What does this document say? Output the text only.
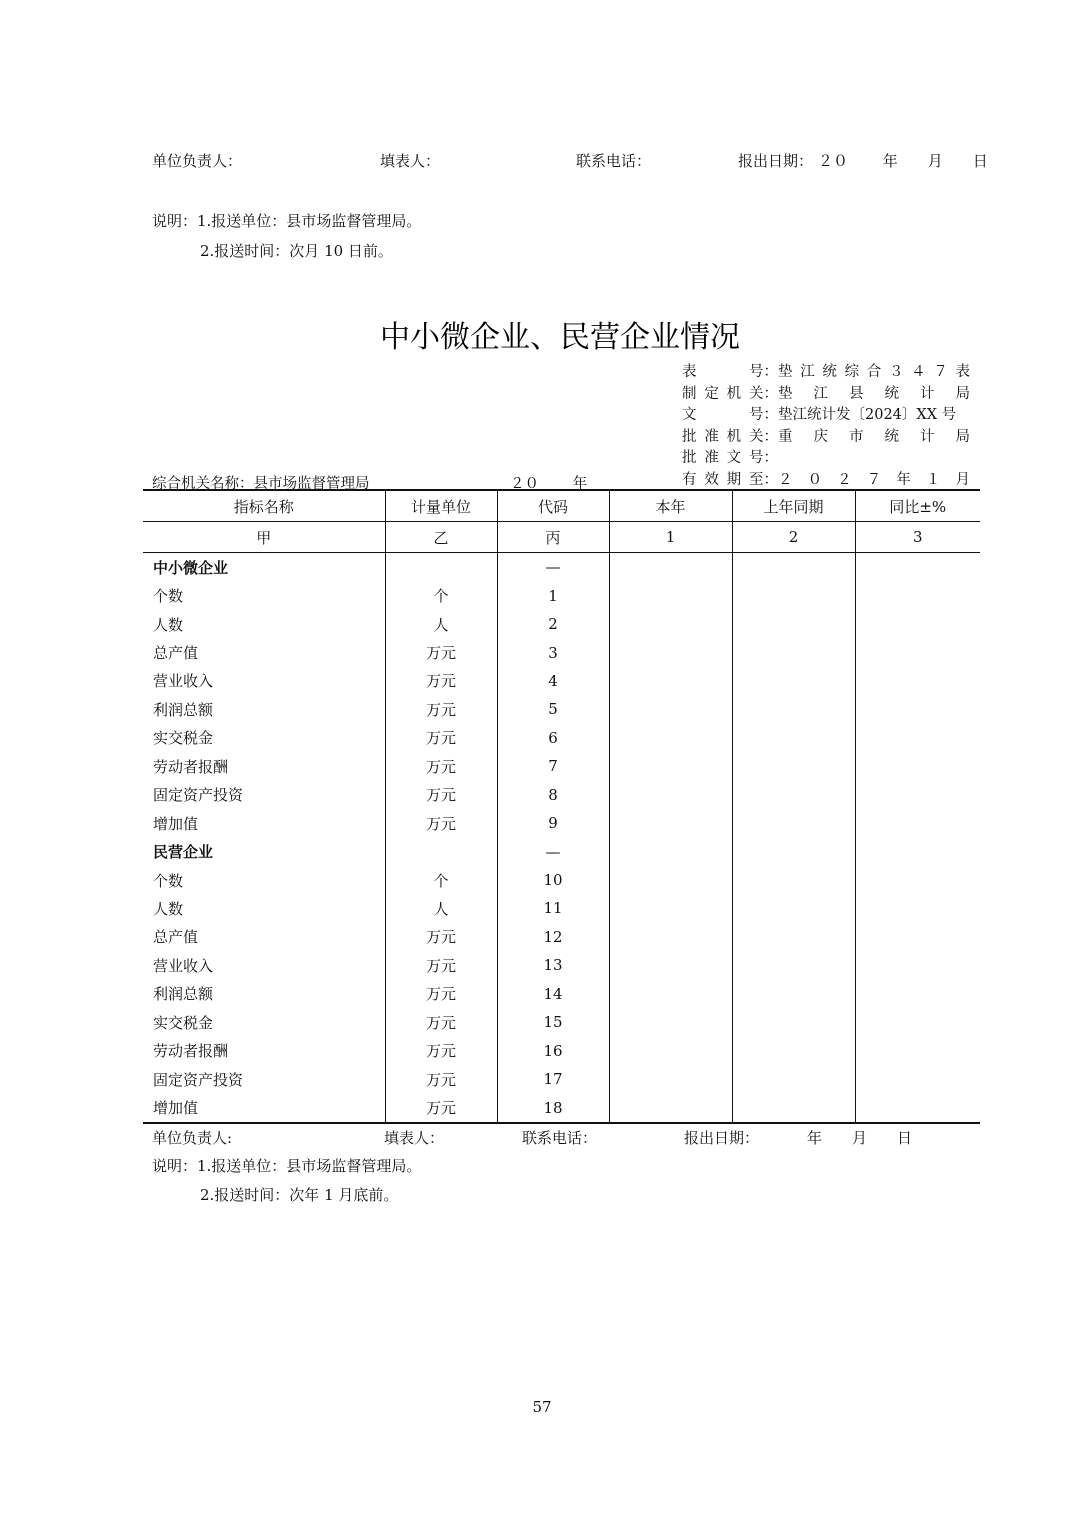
单位负责人：	填表人：	联系电话：	报出日期： ２０　　 年　　月　　日
说明：1.报送单位：县市场监督管理局。
2.报送时间：次月 10 日前。
中小微企业、民营企业情况
表	号： 垫 江 统 综 合 ３ ４ ７ 表
制 定 机 关： 垫 江 县 统 计 局
文	号： 垫江统计发〔2024〕XX 号
批 准 机 关： 重 庆 市 统 计 局
批 准 文 号：
有 效 期 至： ２ ０ ２ ７ 年 １ 月
综合机关名称：县市场监督管理局	２０　　 年
指标名称	计量单位	代码	本年	上年同期	同比±%
甲	乙	丙	1	2	3
中小微企业		—			
个数	个	1			
人数	人	2			
总产值	万元	3			
营业收入	万元	4			
利润总额	万元	5			
实交税金	万元	6			
劳动者报酬	万元	7			
固定资产投资	万元	8			
增加值	万元	9			
民营企业		—			
个数	个	10			
人数	人	11			
总产值	万元	12			
营业收入	万元	13			
利润总额	万元	14			
实交税金	万元	15			
劳动者报酬	万元	16			
固定资产投资	万元	17			
增加值	万元	18			
单位负责人:	填表人：	联系电话：	报出日期：	年　　月　　日
说明：1.报送单位：县市场监督管理局。
2.报送时间：次年 1 月底前。
57
